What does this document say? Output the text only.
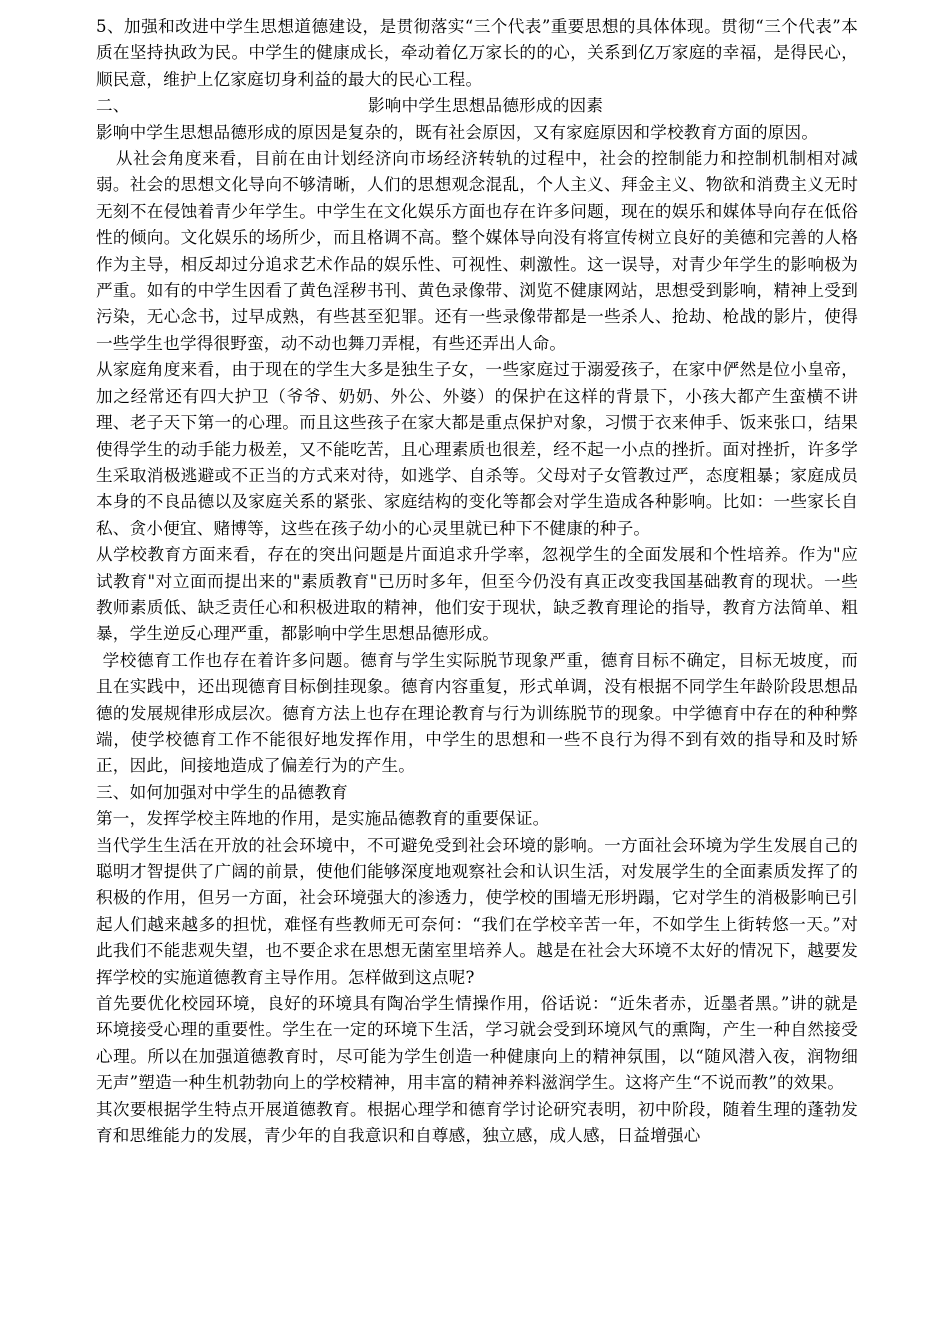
5、加强和改进中学生思想道德建设，是贯彻落实“三个代表”重要思想的具体体现。贯彻“三个代表”本质在坚持执政为民。中学生的健康成长，牵动着亿万家长的的心，关系到亿万家庭的幸福，是得民心，顺民意，维护上亿家庭切身利益的最大的民心工程。

二、	影响中学生思想品德形成的因素

影响中学生思想品德形成的原因是复杂的，既有社会原因，又有家庭原因和学校教育方面的原因。

从社会角度来看，目前在由计划经济向市场经济转轨的过程中，社会的控制能力和控制机制相对减弱。社会的思想文化导向不够清晰，人们的思想观念混乱，个人主义、拜金主义、物欲和消费主义无时无刻不在侵蚀着青少年学生。中学生在文化娱乐方面也存在许多问题，现在的娱乐和媒体导向存在低俗性的倾向。文化娱乐的场所少，而且格调不高。整个媒体导向没有将宣传树立良好的美德和完善的人格作为主导，相反却过分追求艺术作品的娱乐性、可视性、刺激性。这一误导，对青少年学生的影响极为严重。如有的中学生因看了黄色淫秽书刊、黄色录像带、浏览不健康网站，思想受到影响，精神上受到污染，无心念书，过早成熟，有些甚至犯罪。还有一些录像带都是一些杀人、抢劫、枪战的影片，使得一些学生也学得很野蛮，动不动也舞刀弄棍，有些还弄出人命。

从家庭角度来看，由于现在的学生大多是独生子女，一些家庭过于溺爱孩子，在家中俨然是位小皇帝，加之经常还有四大护卫（爷爷、奶奶、外公、外婆）的保护在这样的背景下，小孩大都产生蛮横不讲理、老子天下第一的心理。而且这些孩子在家大都是重点保护对象，习惯于衣来伸手、饭来张口，结果使得学生的动手能力极差，又不能吃苦，且心理素质也很差，经不起一小点的挫折。面对挫折，许多学生采取消极逃避或不正当的方式来对待，如逃学、自杀等。父母对子女管教过严，态度粗暴；家庭成员本身的不良品德以及家庭关系的紧张、家庭结构的变化等都会对学生造成各种影响。比如：一些家长自私、贪小便宜、赌博等，这些在孩子幼小的心灵里就已种下不健康的种子。

从学校教育方面来看，存在的突出问题是片面追求升学率，忽视学生的全面发展和个性培养。作为"应试教育"对立面而提出来的"素质教育"已历时多年，但至今仍没有真正改变我国基础教育的现状。一些教师素质低、缺乏责任心和积极进取的精神，他们安于现状，缺乏教育理论的指导，教育方法简单、粗暴，学生逆反心理严重，都影响中学生思想品德形成。

学校德育工作也存在着许多问题。德育与学生实际脱节现象严重，德育目标不确定，目标无坡度，而且在实践中，还出现德育目标倒挂现象。德育内容重复，形式单调，没有根据不同学生年龄阶段思想品德的发展规律形成层次。德育方法上也存在理论教育与行为训练脱节的现象。中学德育中存在的种种弊端，使学校德育工作不能很好地发挥作用，中学生的思想和一些不良行为得不到有效的指导和及时矫正，因此，间接地造成了偏差行为的产生。

三、如何加强对中学生的品德教育

第一，发挥学校主阵地的作用，是实施品德教育的重要保证。

当代学生生活在开放的社会环境中，不可避免受到社会环境的影响。一方面社会环境为学生发展自己的聪明才智提供了广阔的前景，使他们能够深度地观察社会和认识生活，对发展学生的全面素质发挥了的积极的作用，但另一方面，社会环境强大的渗透力，使学校的围墙无形坍蹋，它对学生的消极影响已引起人们越来越多的担忧，难怪有些教师无可奈何：“我们在学校辛苦一年，不如学生上街转悠一天。”对此我们不能悲观失望，也不要企求在思想无菌室里培养人。越是在社会大环境不太好的情况下，越要发挥学校的实施道德教育主导作用。怎样做到这点呢?

首先要优化校园环境，良好的环境具有陶冶学生情操作用，俗话说：“近朱者赤，近墨者黑。”讲的就是环境接受心理的重要性。学生在一定的环境下生活，学习就会受到环境风气的熏陶，产生一种自然接受心理。所以在加强道德教育时，尽可能为学生创造一种健康向上的精神氛围，以“随风潜入夜，润物细无声”塑造一种生机勃勃向上的学校精神，用丰富的精神养料滋润学生。这将产生“不说而教”的效果。

其次要根据学生特点开展道德教育。根据心理学和德育学讨论研究表明，初中阶段，随着生理的蓬勃发育和思维能力的发展，青少年的自我意识和自尊感，独立感，成人感，日益增强心
